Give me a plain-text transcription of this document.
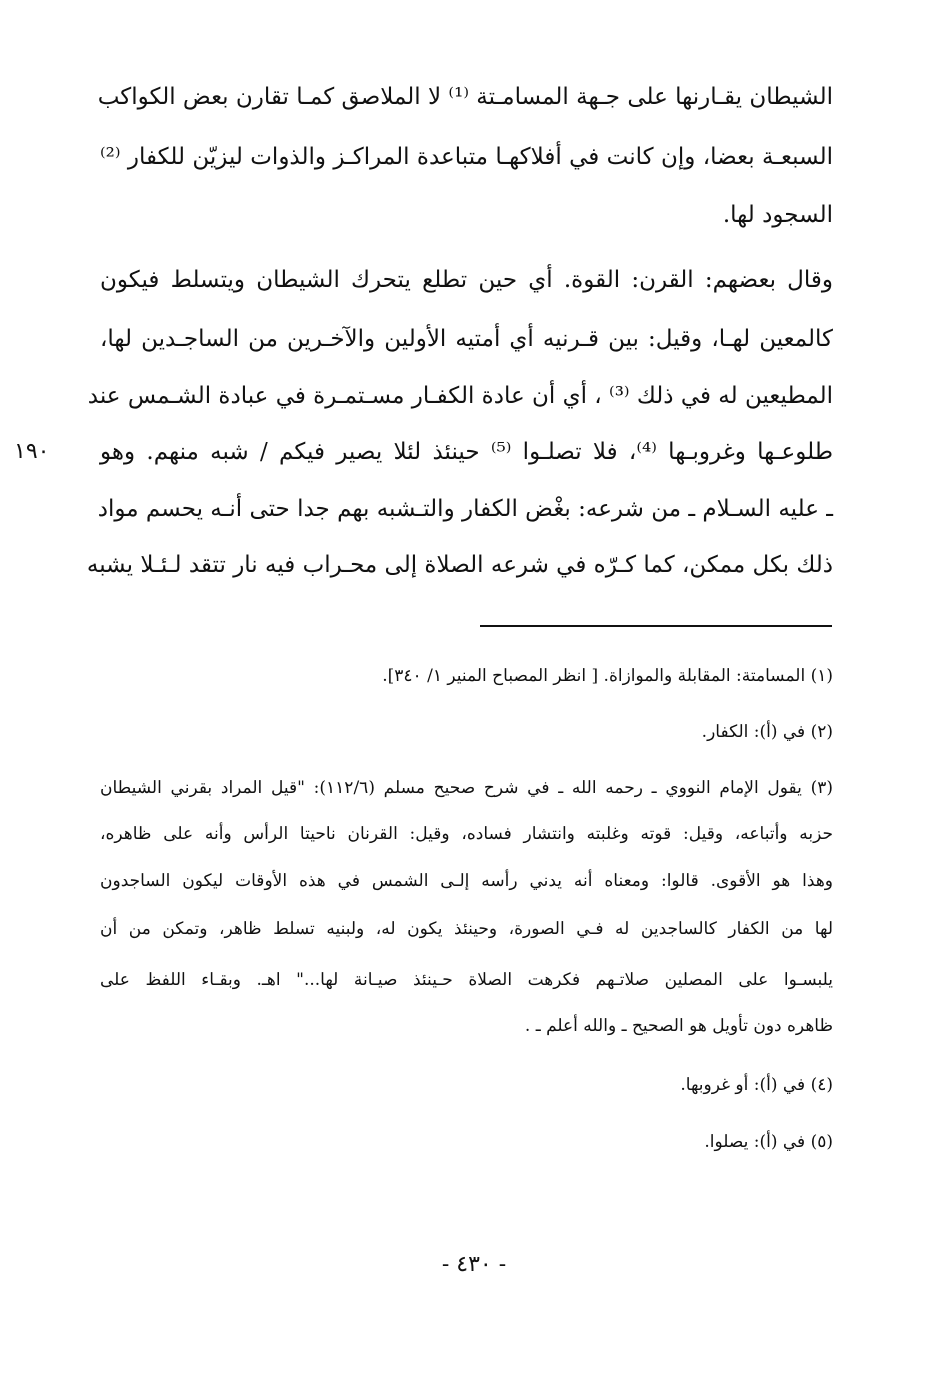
الشيطان يقـارنها على جـهة المسامـتة ⁽¹⁾ لا الملاصق كمـا تقارن بعض الكواكب
السبعـة بعضا، وإن كانت في أفلاكهـا متباعدة المراكـز والذوات ليزيّن للكفار ⁽²⁾
السجود لها.
وقال بعضهم: القرن: القوة. أي حين تطلع يتحرك الشيطان ويتسلط فيكون
كالمعين لهـا، وقيل: بين قـرنيه أي أمتيه الأولين والآخـرين من الساجـدين لها،
المطيعين له في ذلك ⁽³⁾ ، أي أن عادة الكفـار مسـتمـرة في عبادة الشـمس عند
طلوعـها وغروبـها ⁽⁴⁾، فلا تصلـوا ⁽⁵⁾ حينئذ لئلا يصير فيكم / شبه منهم. وهو
ـ عليه السـلام ـ من شرعه: بغْض الكفار والتـشبه بهم جدا حتى أنـه يحسم مواد
ذلك بكل ممكن، كما كـرّه في شرعه الصلاة إلى محـراب فيه نار تتقد لـئـلا يشبه
١٩٠
(١) المسامتة: المقابلة والموازاة. [ انظر المصباح المنير ١/ ٣٤٠].
(٢) في (أ): الكفار.
(٣) يقول الإمام النووي ـ رحمه الله ـ في شرح صحيح مسلم (١١٢/٦): "قيل المراد بقرني الشيطان
حزبه وأتباعه، وقيل: قوته وغلبته وانتشار فساده، وقيل: القرنان ناحيتا الرأس وأنه على ظاهره،
وهذا هو الأقوى. قالوا: ومعناه أنه يدني رأسه إلـى الشمس في هذه الأوقات ليكون الساجدون
لها من الكفار كالساجدين له فـي الصورة، وحينئذ يكون له، ولبنيه تسلط ظاهر، وتمكن من أن
يلبسـوا على المصلين صلاتـهم فكرهت الصلاة حـينئذ صيـانة لها..." اهـ. وبقـاء اللفظ على
ظاهره دون تأويل هو الصحيح ـ والله أعلم ـ .
(٤) في (أ): أو غروبها.
(٥) في (أ): يصلوا.
- ٤٣٠ -
